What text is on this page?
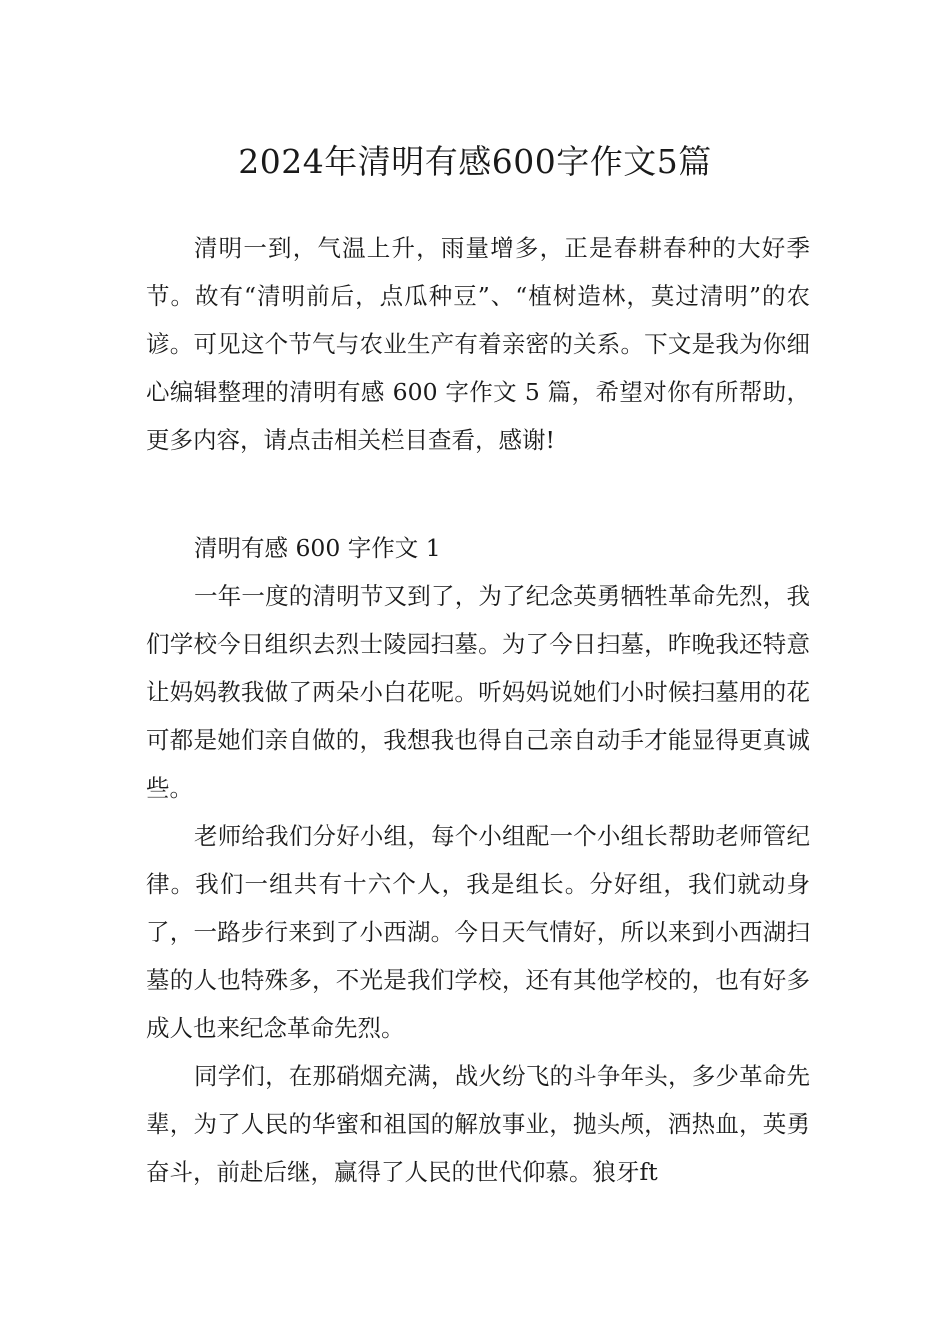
2024年清明有感600字作文5篇

清明一到，气温上升，雨量增多，正是春耕春种的大好季节。故有“清明前后，点瓜种豆”、“植树造林，莫过清明”的农谚。可见这个节气与农业生产有着亲密的关系。下文是我为你细心编辑整理的清明有感 600 字作文 5 篇，希望对你有所帮助，更多内容，请点击相关栏目查看，感谢!

清明有感 600 字作文 1

一年一度的清明节又到了，为了纪念英勇牺牲革命先烈，我们学校今日组织去烈士陵园扫墓。为了今日扫墓，昨晚我还特意让妈妈教我做了两朵小白花呢。听妈妈说她们小时候扫墓用的花可都是她们亲自做的，我想我也得自己亲自动手才能显得更真诚些。

老师给我们分好小组，每个小组配一个小组长帮助老师管纪律。我们一组共有十六个人，我是组长。分好组，我们就动身了，一路步行来到了小西湖。今日天气情好，所以来到小西湖扫墓的人也特殊多，不光是我们学校，还有其他学校的，也有好多成人也来纪念革命先烈。

同学们，在那硝烟充满，战火纷飞的斗争年头，多少革命先辈，为了人民的华蜜和祖国的解放事业，抛头颅，洒热血，英勇奋斗，前赴后继，赢得了人民的世代仰慕。狼牙ft
